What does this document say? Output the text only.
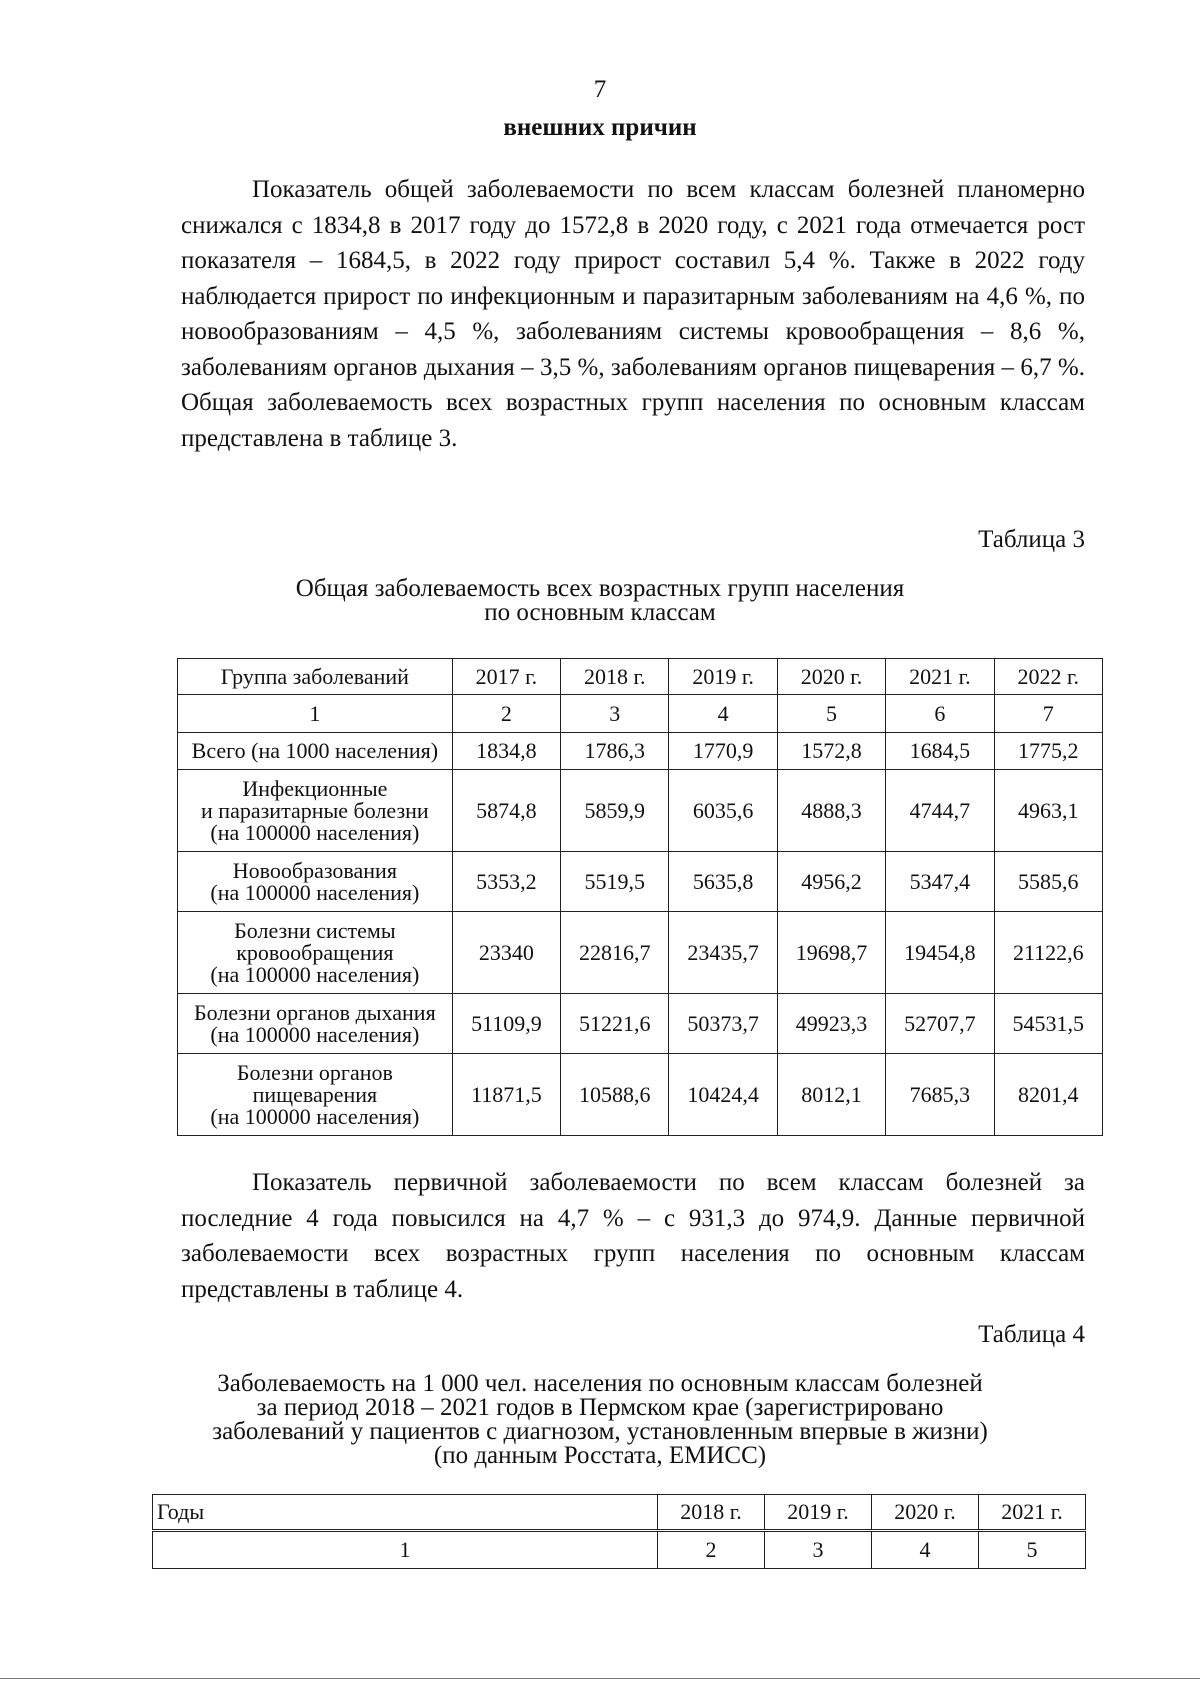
7
внешних причин

Показатель общей заболеваемости по всем классам болезней планомерно снижался с 1834,8 в 2017 году до 1572,8 в 2020 году, с 2021 года отмечается рост показателя – 1684,5, в 2022 году прирост составил 5,4 %. Также в 2022 году наблюдается прирост по инфекционным и паразитарным заболеваниям на 4,6 %, по новообразованиям – 4,5 %, заболеваниям системы кровообращения – 8,6 %, заболеваниям органов дыхания – 3,5 %, заболеваниям органов пищеварения – 6,7 %. Общая заболеваемость всех возрастных групп населения по основным классам представлена в таблице 3.

Таблица 3
Общая заболеваемость всех возрастных групп населения
по основным классам
Группа заболеваний	2017 г.	2018 г.	2019 г.	2020 г.	2021 г.	2022 г.
1	2	3	4	5	6	7

Всего (на 1000 населения)	1834,8	1786,3	1770,9	1572,8	1684,5	1775,2

Инфекционные
и паразитарные болезни
(на 100000 населения)	5874,8	5859,9	6035,6	4888,3	4744,7	4963,1

Новообразования
(на 100000 населения)	5353,2	5519,5	5635,8	4956,2	5347,4	5585,6

Болезни системы
кровообращения
(на 100000 населения)	23340	22816,7	23435,7	19698,7	19454,8	21122,6

Болезни органов дыхания
(на 100000 населения)	51109,9	51221,6	50373,7	49923,3	52707,7	54531,5

Болезни органов
пищеварения
(на 100000 населения)	11871,5	10588,6	10424,4	8012,1	7685,3	8201,4

Показатель первичной заболеваемости по всем классам болезней за последние 4 года повысился на 4,7 % – с 931,3 до 974,9. Данные первичной заболеваемости всех возрастных групп населения по основным классам представлены в таблице 4.

Таблица 4
Заболеваемость на 1 000 чел. населения по основным классам болезней
за период 2018 – 2021 годов в Пермском крае (зарегистрировано
заболеваний у пациентов с диагнозом, установленным впервые в жизни)
(по данным Росстата, ЕМИСС)
Годы	2018 г.	2019 г.	2020 г.	2021 г.
1	2	3	4	5
